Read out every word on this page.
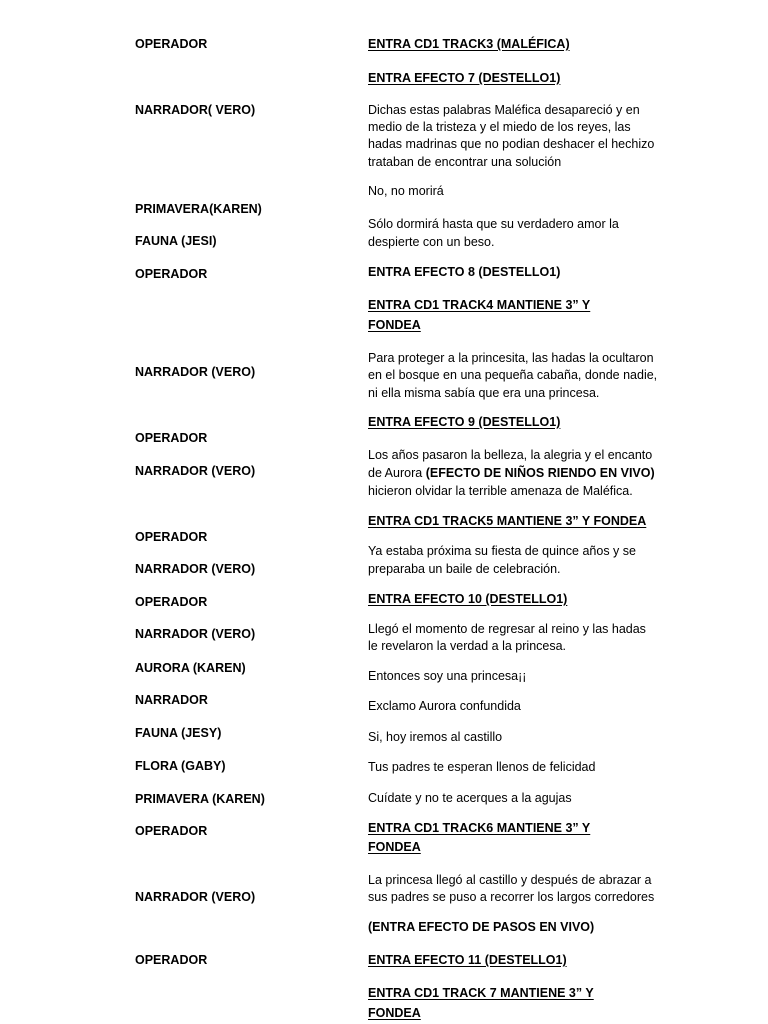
OPERADOR
NARRADOR( VERO)
PRIMAVERA(KAREN)
FAUNA (JESI)
OPERADOR
NARRADOR (VERO)
OPERADOR
NARRADOR (VERO)
OPERADOR
NARRADOR (VERO)
OPERADOR
NARRADOR (VERO)
AURORA (KAREN)
NARRADOR
FAUNA (JESY)
FLORA (GABY)
PRIMAVERA (KAREN)
OPERADOR
NARRADOR (VERO)
OPERADOR
ENTRA CD1 TRACK3 (MALÉFICA)
ENTRA EFECTO 7 (DESTELLO1)
Dichas estas palabras Maléfica desapareció y en
medio de la tristeza y el miedo de los reyes, las
hadas madrinas que no podian deshacer el hechizo
trataban de encontrar una solución
No, no morirá
Sólo dormirá hasta que su verdadero amor la
despierte con un beso.
ENTRA EFECTO 8 (DESTELLO1)
ENTRA CD1 TRACK4 MANTIENE 3” Y
FONDEA
Para proteger a la princesita, las hadas la ocultaron
en el bosque en una pequeña cabaña, donde nadie,
ni ella misma sabía que era una princesa.
ENTRA EFECTO 9 (DESTELLO1)
Los años pasaron la belleza, la alegria y el encanto
de Aurora (EFECTO DE NIÑOS RIENDO EN VIVO)
hicieron olvidar la terrible amenaza de Maléfica.
ENTRA CD1 TRACK5 MANTIENE 3” Y FONDEA
Ya estaba próxima su fiesta de quince años y se
preparaba un baile de celebración.
ENTRA EFECTO 10 (DESTELLO1)
Llegó el momento de regresar al reino y las hadas
le revelaron la verdad a la princesa.
Entonces soy una princesa¡¡
Exclamo Aurora confundida
Si, hoy iremos al castillo
Tus padres te esperan llenos de felicidad
Cuídate y no te acerques a la agujas
ENTRA CD1 TRACK6 MANTIENE 3” Y
FONDEA
La princesa llegó al castillo y después de abrazar a
sus padres se puso a recorrer los largos corredores
(ENTRA EFECTO DE PASOS EN VIVO)
ENTRA EFECTO 11 (DESTELLO1)
ENTRA CD1 TRACK 7 MANTIENE 3” Y
FONDEA
